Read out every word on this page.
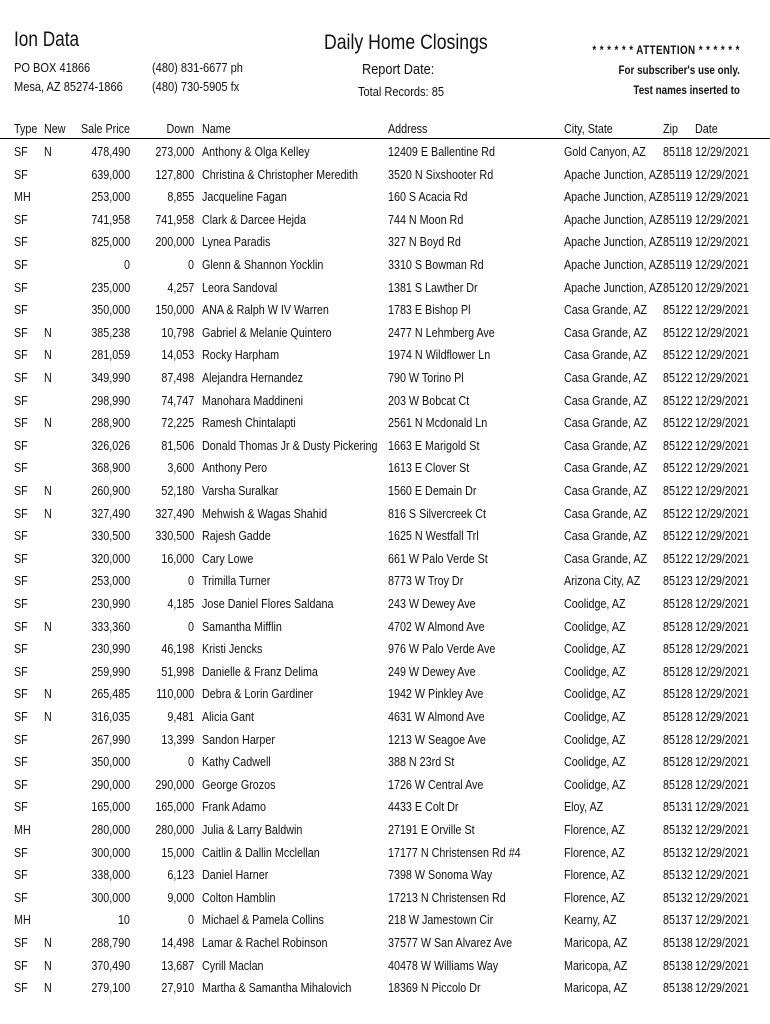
Ion Data
PO BOX 41866
Mesa, AZ 85274-1866
(480) 831-6677 ph
(480) 730-5905 fx
Daily Home Closings
Report Date:
Total Records: 85
* * * * * * ATTENTION * * * * * *
For subscriber's use only.
Test names inserted to
Type New	Sale Price	Down Name	Address	City, State	Zip Date
SF N	478,490	273,000 Anthony & Olga Kelley	12409 E Ballentine Rd	Gold Canyon, AZ	85118 12/29/2021
SF	639,000	127,800 Christina & Christopher Meredith	3520 N Sixshooter Rd	Apache Junction, AZ 85119 12/29/2021
MH	253,000	8,855 Jacqueline Fagan	160 S Acacia Rd	Apache Junction, AZ 85119 12/29/2021
SF	741,958	741,958 Clark & Darcee Hejda	744 N Moon Rd	Apache Junction, AZ 85119 12/29/2021
SF	825,000	200,000 Lynea Paradis	327 N Boyd Rd	Apache Junction, AZ 85119 12/29/2021
SF	0	0 Glenn & Shannon Yocklin	3310 S Bowman Rd	Apache Junction, AZ 85119 12/29/2021
SF	235,000	4,257 Leora Sandoval	1381 S Lawther Dr	Apache Junction, AZ 85120 12/29/2021
SF	350,000	150,000 ANA & Ralph W IV Warren	1783 E Bishop Pl	Casa Grande, AZ	85122 12/29/2021
SF N	385,238	10,798 Gabriel & Melanie Quintero	2477 N Lehmberg Ave	Casa Grande, AZ	85122 12/29/2021
SF N	281,059	14,053 Rocky Harpham	1974 N Wildflower Ln	Casa Grande, AZ	85122 12/29/2021
SF N	349,990	87,498 Alejandra Hernandez	790 W Torino Pl	Casa Grande, AZ	85122 12/29/2021
SF	298,990	74,747 Manohara Maddineni	203 W Bobcat Ct	Casa Grande, AZ	85122 12/29/2021
SF N	288,900	72,225 Ramesh Chintalapti	2561 N Mcdonald Ln	Casa Grande, AZ	85122 12/29/2021
SF	326,026	81,506 Donald Thomas Jr & Dusty Pickering 1663 E Marigold St	Casa Grande, AZ	85122 12/29/2021
SF	368,900	3,600 Anthony Pero	1613 E Clover St	Casa Grande, AZ	85122 12/29/2021
SF N	260,900	52,180 Varsha Suralkar	1560 E Demain Dr	Casa Grande, AZ	85122 12/29/2021
SF N	327,490	327,490 Mehwish & Wagas Shahid	816 S Silvercreek Ct	Casa Grande, AZ	85122 12/29/2021
SF	330,500	330,500 Rajesh Gadde	1625 N Westfall Trl	Casa Grande, AZ	85122 12/29/2021
SF	320,000	16,000 Cary Lowe	661 W Palo Verde St	Casa Grande, AZ	85122 12/29/2021
SF	253,000	0 Trimilla Turner	8773 W Troy Dr	Arizona City, AZ	85123 12/29/2021
SF	230,990	4,185 Jose Daniel Flores Saldana	243 W Dewey Ave	Coolidge, AZ	85128 12/29/2021
SF N	333,360	0 Samantha Mifflin	4702 W Almond Ave	Coolidge, AZ	85128 12/29/2021
SF	230,990	46,198 Kristi Jencks	976 W Palo Verde Ave	Coolidge, AZ	85128 12/29/2021
SF	259,990	51,998 Danielle & Franz Delima	249 W Dewey Ave	Coolidge, AZ	85128 12/29/2021
SF N	265,485	110,000 Debra & Lorin Gardiner	1942 W Pinkley Ave	Coolidge, AZ	85128 12/29/2021
SF N	316,035	9,481 Alicia Gant	4631 W Almond Ave	Coolidge, AZ	85128 12/29/2021
SF	267,990	13,399 Sandon Harper	1213 W Seagoe Ave	Coolidge, AZ	85128 12/29/2021
SF	350,000	0 Kathy Cadwell	388 N 23rd St	Coolidge, AZ	85128 12/29/2021
SF	290,000	290,000 George Grozos	1726 W Central Ave	Coolidge, AZ	85128 12/29/2021
SF	165,000	165,000 Frank Adamo	4433 E Colt Dr	Eloy, AZ	85131 12/29/2021
MH	280,000	280,000 Julia & Larry Baldwin	27191 E Orville St	Florence, AZ	85132 12/29/2021
SF	300,000	15,000 Caitlin & Dallin Mcclellan	17177 N Christensen Rd #4	Florence, AZ	85132 12/29/2021
SF	338,000	6,123 Daniel Harner	7398 W Sonoma Way	Florence, AZ	85132 12/29/2021
SF	300,000	9,000 Colton Hamblin	17213 N Christensen Rd	Florence, AZ	85132 12/29/2021
MH	10	0 Michael & Pamela Collins	218 W Jamestown Cir	Kearny, AZ	85137 12/29/2021
SF N	288,790	14,498 Lamar & Rachel Robinson	37577 W San Alvarez Ave	Maricopa, AZ	85138 12/29/2021
SF N	370,490	13,687 Cyrill Maclan	40478 W Williams Way	Maricopa, AZ	85138 12/29/2021
SF N	279,100	27,910 Martha & Samantha Mihalovich	18369 N Piccolo Dr	Maricopa, AZ	85138 12/29/2021
